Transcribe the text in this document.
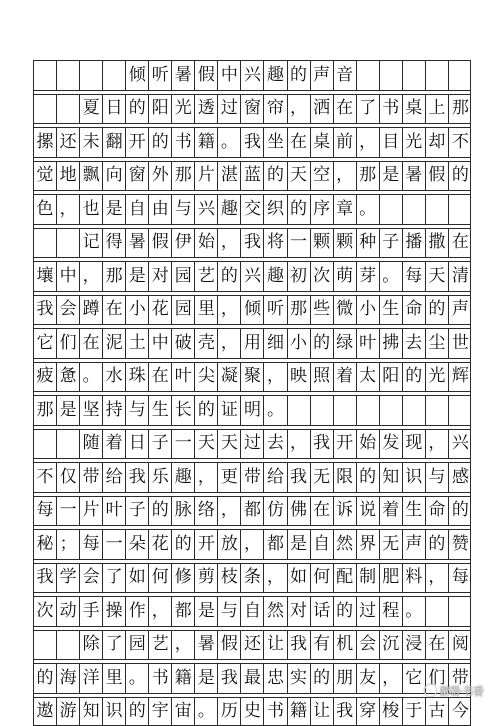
倾 听 暑 假 中 兴 趣 的 声 音
夏 日 的 阳 光 透 过 窗 帘 ， 洒 在 了 书 桌 上 那
摞 还 未 翻 开 的 书 籍 。 我 坐 在 桌 前 ， 目 光 却 不
觉 地 飘 向 窗 外 那 片 湛 蓝 的 天 空 ， 那 是 暑 假 的
色 ， 也 是 自 由 与 兴 趣 交 织 的 序 章 。
记 得 暑 假 伊 始 ， 我 将 一 颗 颗 种 子 播 撒 在
壤 中 ， 那 是 对 园 艺 的 兴 趣 初 次 萌 芽 。 每 天 清
我 会 蹲 在 小 花 园 里 ， 倾 听 那 些 微 小 生 命 的 声
它 们 在 泥 土 中 破 壳 ， 用 细 小 的 绿 叶 拂 去 尘 世
疲 惫 。 水 珠 在 叶 尖 凝 聚 ， 映 照 着 太 阳 的 光 辉
那 是 坚 持 与 生 长 的 证 明 。
随 着 日 子 一 天 天 过 去 ， 我 开 始 发 现 ， 兴
不 仅 带 给 我 乐 趣 ， 更 带 给 我 无 限 的 知 识 与 感
每 一 片 叶 子 的 脉 络 ， 都 仿 佛 在 诉 说 着 生 命 的
秘 ； 每 一 朵 花 的 开 放 ， 都 是 自 然 界 无 声 的 赞
我 学 会 了 如 何 修 剪 枝 条 ， 如 何 配 制 肥 料 ， 每
次 动 手 操 作 ， 都 是 与 自 然 对 话 的 过 程 。
除 了 园 艺 ， 暑 假 还 让 我 有 机 会 沉 浸 在 阅
的 海 洋 里 。 书 籍 是 我 最 忠 实 的 朋 友 ， 它 们 带
遨 游 知 识 的 宇 宙 。 历 史 书 籍 让 我 穿 梭 于 古 今
醉卧书香
